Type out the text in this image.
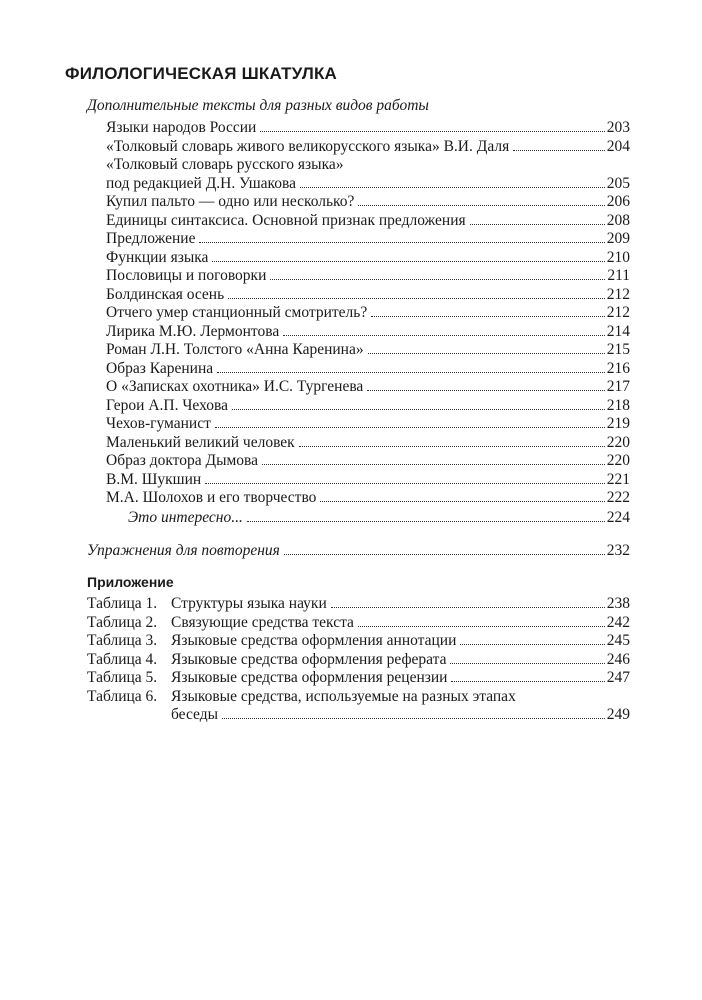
ФИЛОЛОГИЧЕСКАЯ ШКАТУЛКА
Дополнительные тексты для разных видов работы
Языки народов России	203
«Толковый словарь живого великорусского языка» В.И. Даля	204
«Толковый словарь русского языка»
под редакцией Д.Н. Ушакова	205
Купил пальто — одно или несколько?	206
Единицы синтаксиса. Основной признак предложения	208
Предложение	209
Функции языка	210
Пословицы и поговорки	211
Болдинская осень	212
Отчего умер станционный смотритель?	212
Лирика М.Ю. Лермонтова	214
Роман Л.Н. Толстого «Анна Каренина»	215
Образ Каренина	216
О «Записках охотника» И.С. Тургенева	217
Герои А.П. Чехова	218
Чехов-гуманист	219
Маленький великий человек	220
Образ доктора Дымова	220
В.М. Шукшин	221
М.А. Шолохов и его творчество	222
Это интересно...	224
Упражнения для повторения	232
Приложение
Таблица 1. Структуры языка науки	238
Таблица 2. Связующие средства текста	242
Таблица 3. Языковые средства оформления аннотации	245
Таблица 4. Языковые средства оформления реферата	246
Таблица 5. Языковые средства оформления рецензии	247
Таблица 6. Языковые средства, используемые на разных этапах
беседы	249
